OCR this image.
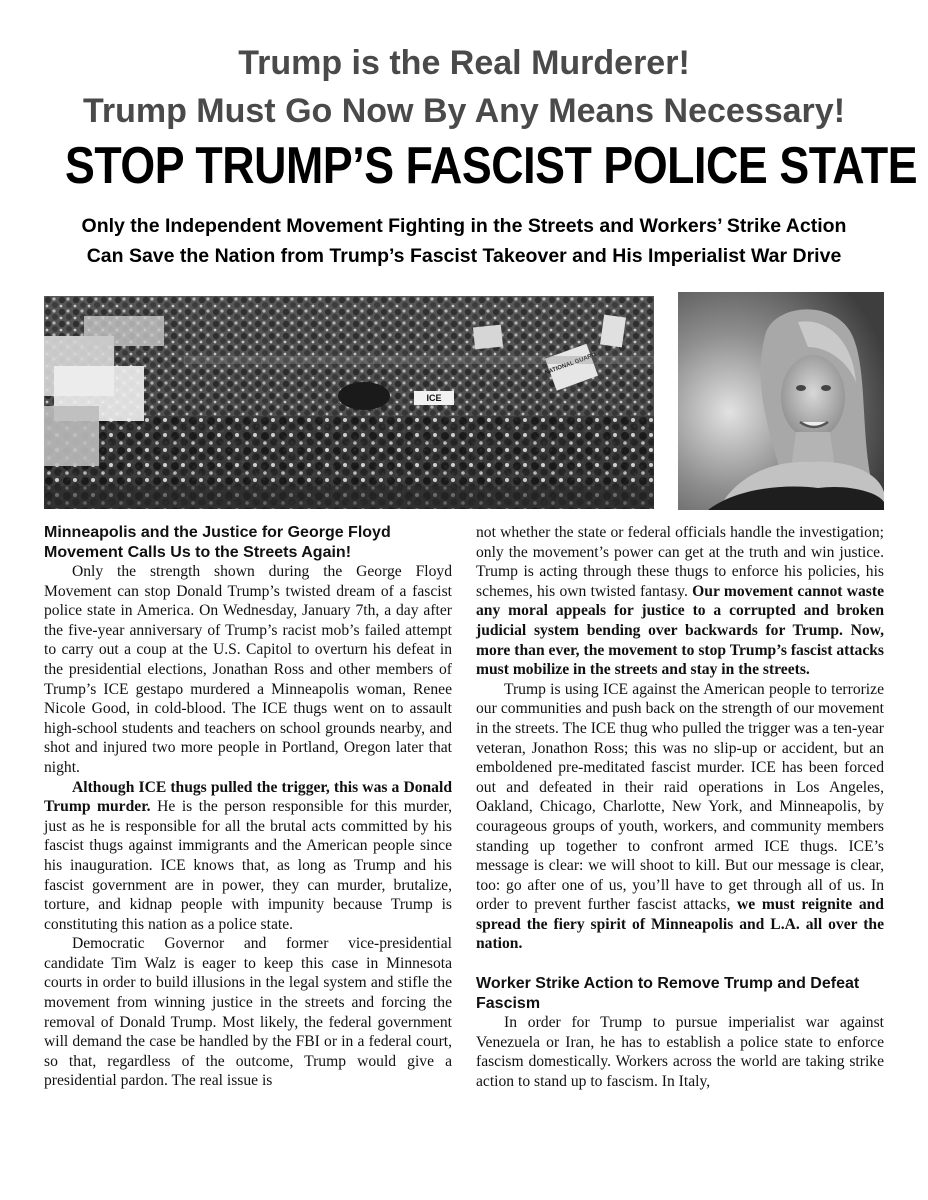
Trump is the Real Murderer!
Trump Must Go Now By Any Means Necessary!
STOP TRUMP’S FASCIST POLICE STATE
Only the Independent Movement Fighting in the Streets and Workers’ Strike Action
Can Save the Nation from Trump’s Fascist Takeover and His Imperialist War Drive
ICE
NATIONAL GUARD
Minneapolis and the Justice for George Floyd Movement Calls Us to the Streets Again!

Only the strength shown during the George Floyd Movement can stop Donald Trump’s twisted dream of a fascist police state in America. On Wednesday, January 7th, a day after the five-year anniversary of Trump’s racist mob’s failed attempt to carry out a coup at the U.S. Capitol to overturn his defeat in the presidential elections, Jonathan Ross and other members of Trump’s ICE gestapo murdered a Minneapolis woman, Renee Nicole Good, in cold-blood. The ICE thugs went on to assault high-school students and teachers on school grounds nearby, and shot and injured two more people in Portland, Oregon later that night.

Although ICE thugs pulled the trigger, this was a Donald Trump murder. He is the person responsible for this murder, just as he is responsible for all the brutal acts committed by his fascist thugs against immigrants and the American people since his inauguration. ICE knows that, as long as Trump and his fascist government are in power, they can murder, brutalize, torture, and kidnap people with impunity because Trump is constituting this nation as a police state.

Democratic Governor and former vice-presidential candidate Tim Walz is eager to keep this case in Minnesota courts in order to build illusions in the legal system and stifle the movement from winning justice in the streets and forcing the removal of Donald Trump. Most likely, the federal government will demand the case be handled by the FBI or in a federal court, so that, regardless of the outcome, Trump would give a presidential pardon. The real issue is

not whether the state or federal officials handle the investigation; only the movement’s power can get at the truth and win justice. Trump is acting through these thugs to enforce his policies, his schemes, his own twisted fantasy. Our movement cannot waste any moral appeals for justice to a corrupted and broken judicial system bending over backwards for Trump. Now, more than ever, the movement to stop Trump’s fascist attacks must mobilize in the streets and stay in the streets.

Trump is using ICE against the American people to terrorize our communities and push back on the strength of our movement in the streets. The ICE thug who pulled the trigger was a ten-year veteran, Jonathon Ross; this was no slip-up or accident, but an emboldened pre-meditated fascist murder. ICE has been forced out and defeated in their raid operations in Los Angeles, Oakland, Chicago, Charlotte, New York, and Minneapolis, by courageous groups of youth, workers, and community members standing up together to confront armed ICE thugs. ICE’s message is clear: we will shoot to kill. But our message is clear, too: go after one of us, you’ll have to get through all of us. In order to prevent further fascist attacks, we must reignite and spread the fiery spirit of Minneapolis and L.A. all over the nation.

Worker Strike Action to Remove Trump and Defeat Fascism

In order for Trump to pursue imperialist war against Venezuela or Iran, he has to establish a police state to enforce fascism domestically. Workers across the world are taking strike action to stand up to fascism. In Italy,
